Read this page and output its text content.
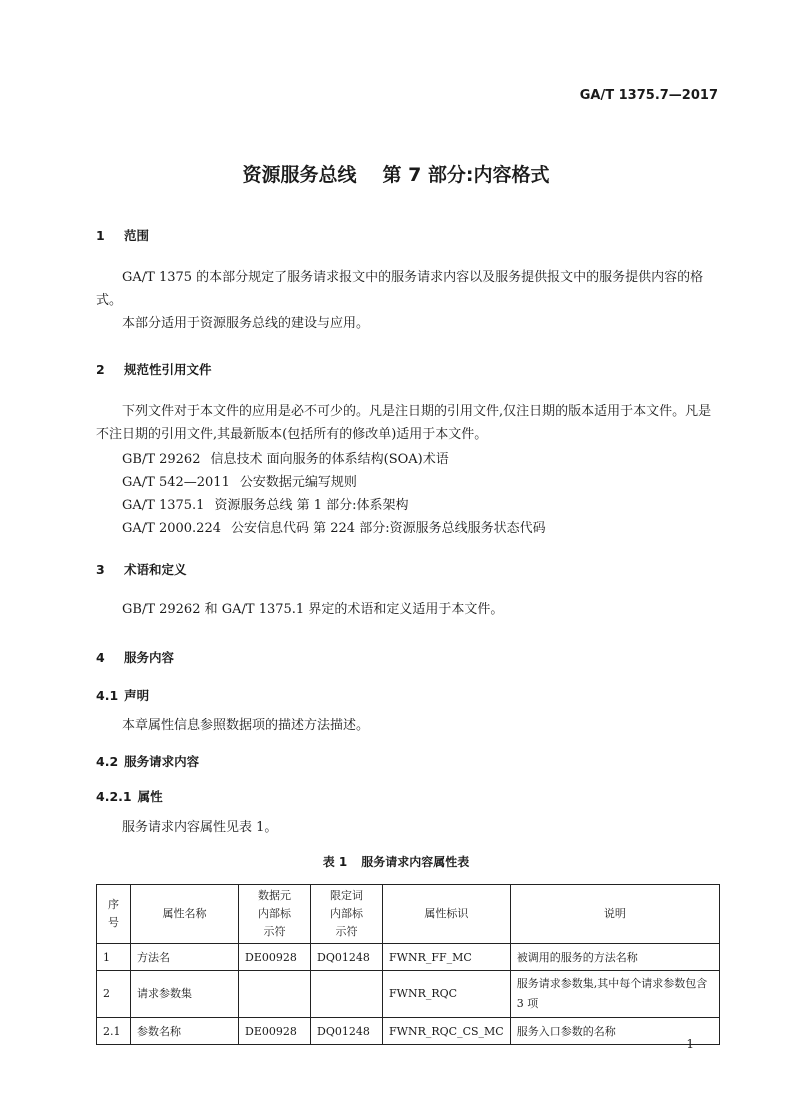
GA/T 1375.7—2017
资源服务总线 第 7 部分:内容格式
1 范围

GA/T 1375 的本部分规定了服务请求报文中的服务请求内容以及服务提供报文中的服务提供内容的格式。

本部分适用于资源服务总线的建设与应用。

2 规范性引用文件

下列文件对于本文件的应用是必不可少的。凡是注日期的引用文件,仅注日期的版本适用于本文件。凡是不注日期的引用文件,其最新版本(包括所有的修改单)适用于本文件。

GB/T 29262 信息技术 面向服务的体系结构(SOA)术语
GA/T 542—2011 公安数据元编写规则
GA/T 1375.1 资源服务总线 第 1 部分:体系架构
GA/T 2000.224 公安信息代码 第 224 部分:资源服务总线服务状态代码
3 术语和定义

GB/T 29262 和 GA/T 1375.1 界定的术语和定义适用于本文件。

4 服务内容
4.1 声明

本章属性信息参照数据项的描述方法描述。

4.2 服务请求内容
4.2.1 属性

服务请求内容属性见表 1。

表 1 服务请求内容属性表
序号	属性名称	数据元内部标示符	限定词内部标示符	属性标识	说明
1	方法名	DE00928	DQ01248	FWNR_FF_MC	被调用的服务的方法名称
2	请求参数集			FWNR_RQC	服务请求参数集,其中每个请求参数包含 3 项
2.1	参数名称	DE00928	DQ01248	FWNR_RQC_CS_MC	服务入口参数的名称
1
